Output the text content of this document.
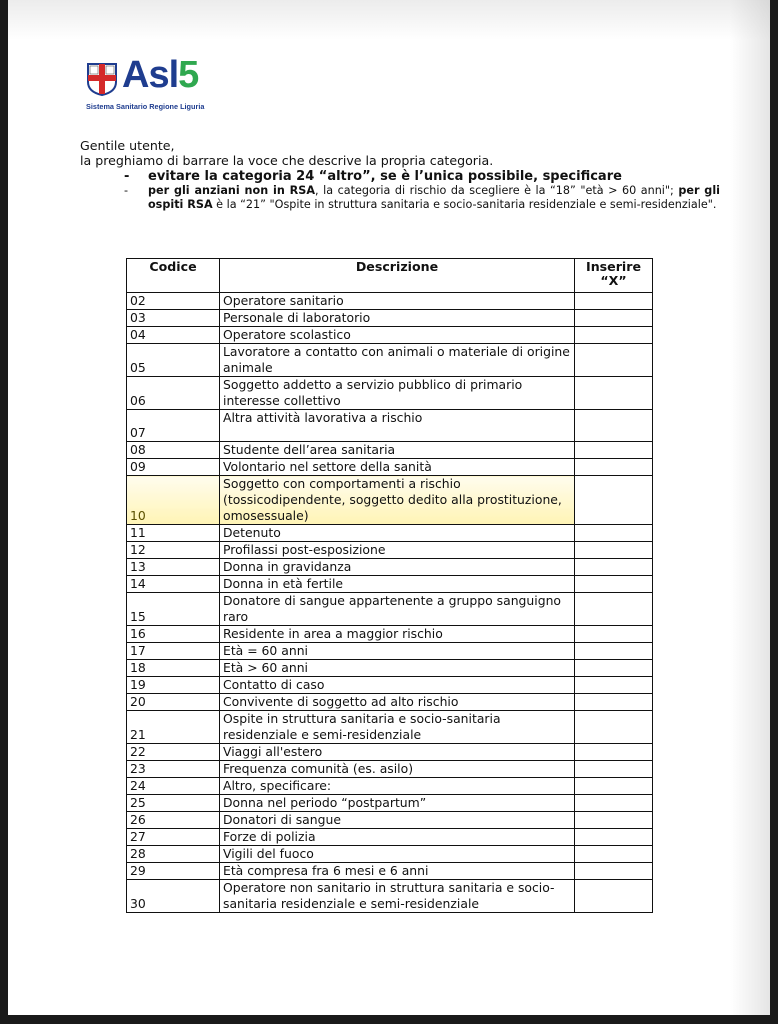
Asl5
Sistema Sanitario Regione Liguria

Gentile utente,

la preghiamo di barrare la voce che descrive la propria categoria.

- evitare la categoria 24 “altro”, se è l’unica possibile, specificare
- per gli anziani non in RSA, la categoria di rischio da scegliere è la “18” "età > 60 anni"; per gli ospiti RSA è la “21” "Ospite in struttura sanitaria e socio-sanitaria residenziale e semi-residenziale".
Codice	Descrizione	Inserire “X”
02	Operatore sanitario	
03	Personale di laboratorio	
04	Operatore scolastico	
05	Lavoratore a contatto con animali o materiale di origine animale	
06	Soggetto addetto a servizio pubblico di primario interesse collettivo	
07	Altra attività lavorativa a rischio	
08	Studente dell’area sanitaria	
09	Volontario nel settore della sanità	
10	Soggetto con comportamenti a rischio (tossicodipendente, soggetto dedito alla prostituzione, omosessuale)	
11	Detenuto	
12	Profilassi post-esposizione	
13	Donna in gravidanza	
14	Donna in età fertile	
15	Donatore di sangue appartenente a gruppo sanguigno raro	
16	Residente in area a maggior rischio	
17	Età = 60 anni	
18	Età > 60 anni	
19	Contatto di caso	
20	Convivente di soggetto ad alto rischio	
21	Ospite in struttura sanitaria e socio-sanitaria residenziale e semi-residenziale	
22	Viaggi all'estero	
23	Frequenza comunità (es. asilo)	
24	Altro, specificare:	
25	Donna nel periodo “postpartum”	
26	Donatori di sangue	
27	Forze di polizia	
28	Vigili del fuoco	
29	Età compresa fra 6 mesi e 6 anni	
30	Operatore non sanitario in struttura sanitaria e socio-sanitaria residenziale e semi-residenziale	
